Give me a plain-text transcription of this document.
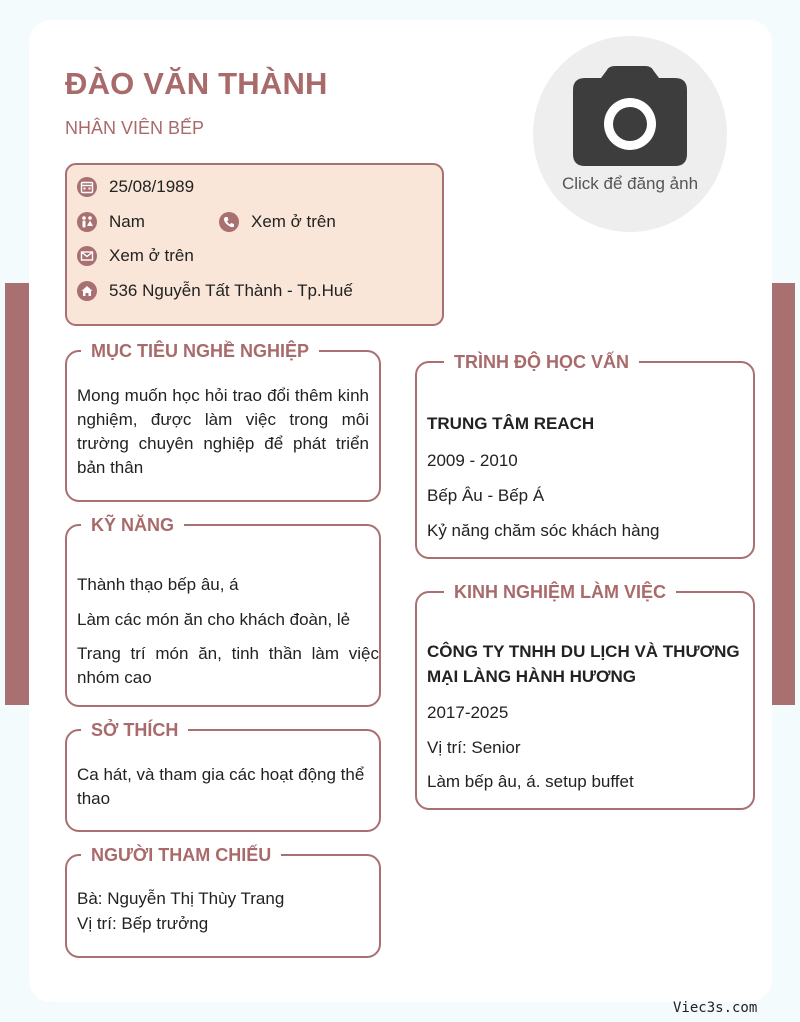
ĐÀO VĂN THÀNH
NHÂN VIÊN BẾP
Click để đăng ảnh
25/08/1989
Nam	Xem ở trên
Xem ở trên
536 Nguyễn Tất Thành - Tp.Huế
MỤC TIÊU NGHỀ NGHIỆP
Mong muốn học hỏi trao đổi thêm kinh nghiệm, được làm việc trong môi trường chuyên nghiệp để phát triển bản thân
KỸ NĂNG
Thành thạo bếp âu, á
Làm các món ăn cho khách đoàn, lẻ
Trang trí món ăn, tinh thần làm việc nhóm cao
SỞ THÍCH
Ca hát, và tham gia các hoạt động thể thao
NGƯỜI THAM CHIẾU
Bà: Nguyễn Thị Thùy Trang
Vị trí: Bếp trưởng
TRÌNH ĐỘ HỌC VẤN
TRUNG TÂM REACH
2009 - 2010
Bếp Âu - Bếp Á
Kỷ năng chăm sóc khách hàng
KINH NGHIỆM LÀM VIỆC
CÔNG TY TNHH DU LỊCH VÀ THƯƠNG MẠI LÀNG HÀNH HƯƠNG
2017-2025
Vị trí: Senior
Làm bếp âu, á. setup buffet
Viec3s.com
